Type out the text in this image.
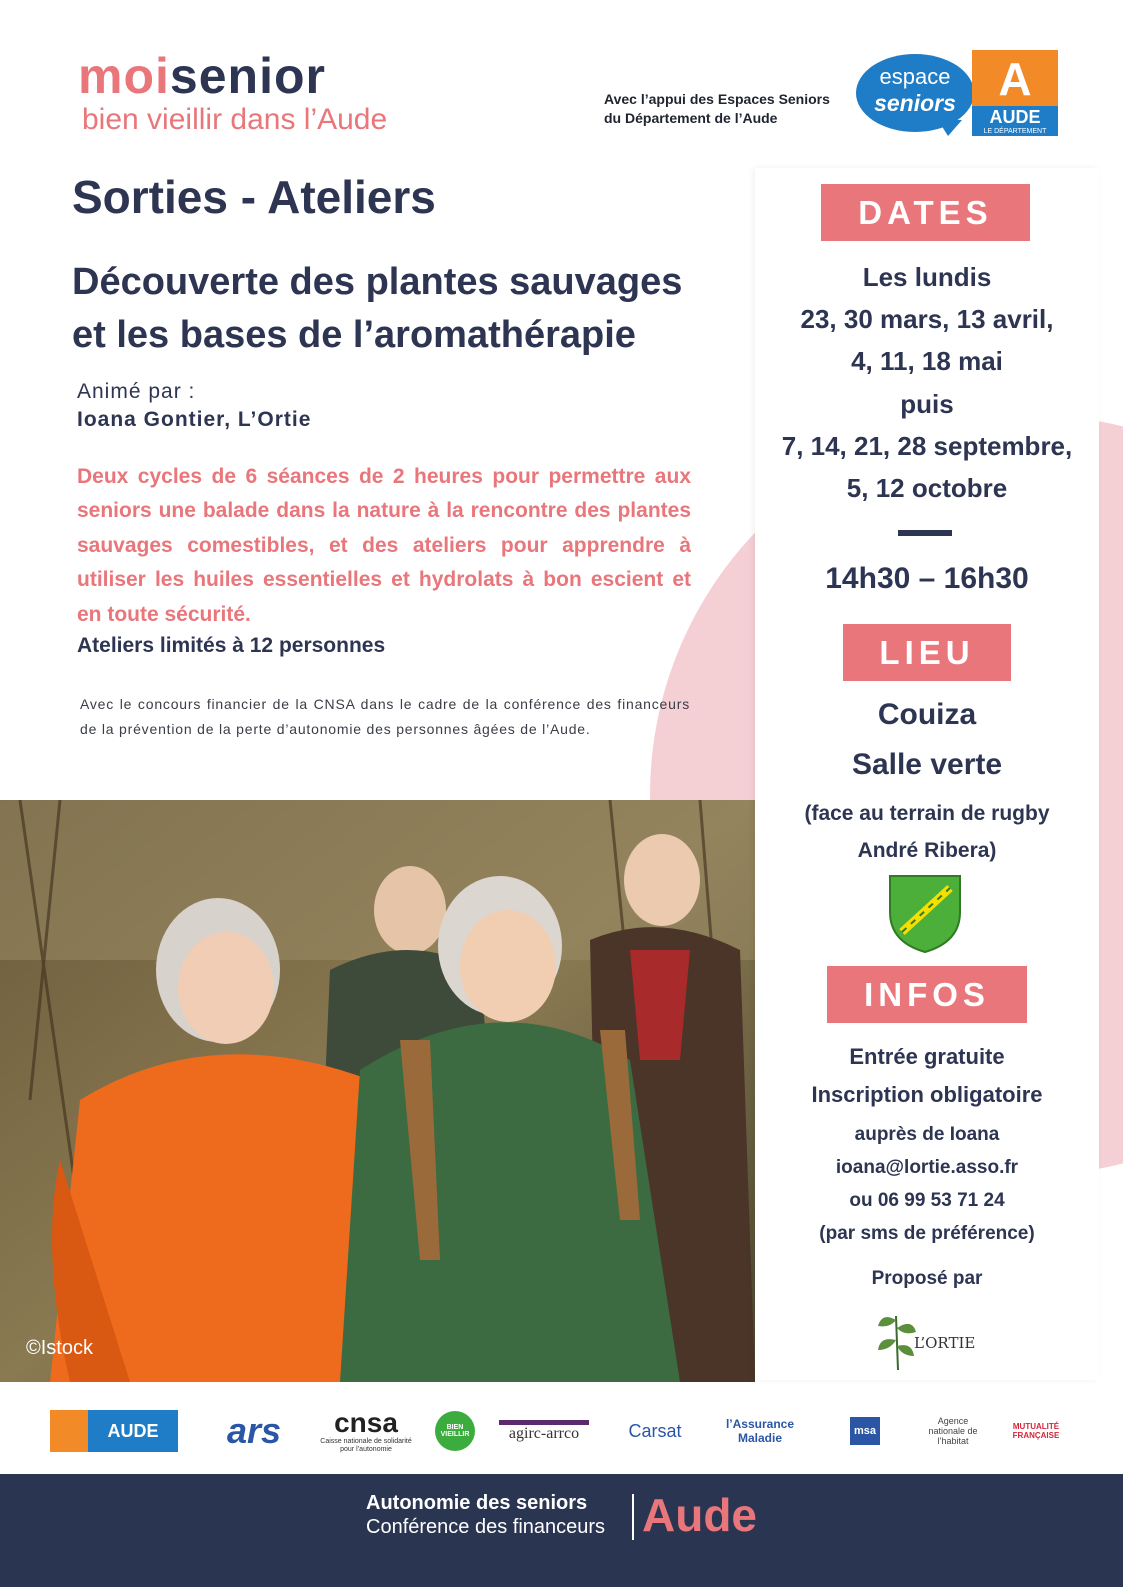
moisenior
bien vieillir dans l’Aude
Avec l’appui des Espaces Seniors
du Département de l’Aude
espace
seniors A
AUDE
LE DÉPARTEMENT
Sorties - Ateliers
Découverte des plantes sauvages
et les bases de l’aromathérapie
Animé par :
Ioana Gontier, L’Ortie
Deux cycles de 6 séances de 2 heures pour permettre aux seniors une balade dans la nature à la rencontre des plantes sauvages comestibles, et des ateliers pour apprendre à utiliser les huiles essentielles et hydrolats à bon escient et en toute sécurité.
Ateliers limités à 12 personnes
Avec le concours financier de la CNSA dans le cadre de la conférence des financeurs de la prévention de la perte d’autonomie des personnes âgées de l’Aude.
©Istock
DATES
Les lundis
23, 30 mars, 13 avril,
4, 11, 18 mai
puis
7, 14, 21, 28 septembre,
5, 12 octobre
14h30 – 16h30
LIEU
Couiza
Salle verte
(face au terrain de rugby
André Ribera)
INFOS
Entrée gratuite
Inscription obligatoire
auprès de Ioana
ioana@lortie.asso.fr
ou 06 99 53 71 24
(par sms de préférence)
Proposé par
L’ORTIE
AUDE	ars	cnsa
Caisse nationale de solidarité pour l’autonomie
BIEN VIEILLIR	agirc-arrco	Carsat	l’Assurance Maladie	msa
Agence nationale de l’habitat
MUTUALITÉ FRANÇAISE
Autonomie des seniors
Conférence des financeurs Aude
